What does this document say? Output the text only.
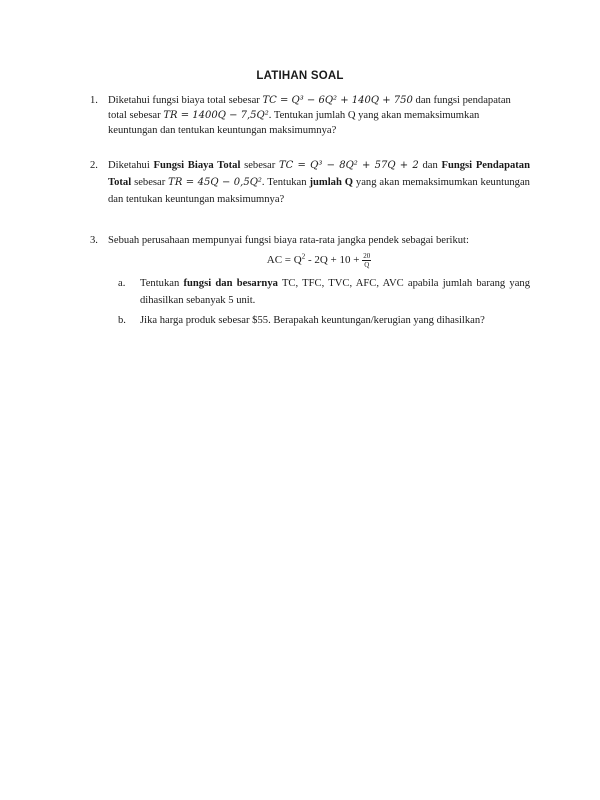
LATIHAN SOAL
1. Diketahui fungsi biaya total sebesar TC = Q³ − 6Q² + 140Q + 750 dan fungsi pendapatan total sebesar TR = 1400Q − 7,5Q². Tentukan jumlah Q yang akan memaksimumkan keuntungan dan tentukan keuntungan maksimumnya?
2. Diketahui Fungsi Biaya Total sebesar TC = Q³ − 8Q² + 57Q + 2 dan Fungsi Pendapatan Total sebesar TR = 45Q − 0,5Q². Tentukan jumlah Q yang akan memaksimumkan keuntungan dan tentukan keuntungan maksimumnya?
3. Sebuah perusahaan mempunyai fungsi biaya rata-rata jangka pendek sebagai berikut:
AC = $Q^2 - 2Q + 10 + \frac{20}{Q}$
a. Tentukan fungsi dan besarnya TC, TFC, TVC, AFC, AVC apabila jumlah barang yang dihasilkan sebanyak 5 unit.
b. Jika harga produk sebesar $55. Berapakah keuntungan/kerugian yang dihasilkan?
